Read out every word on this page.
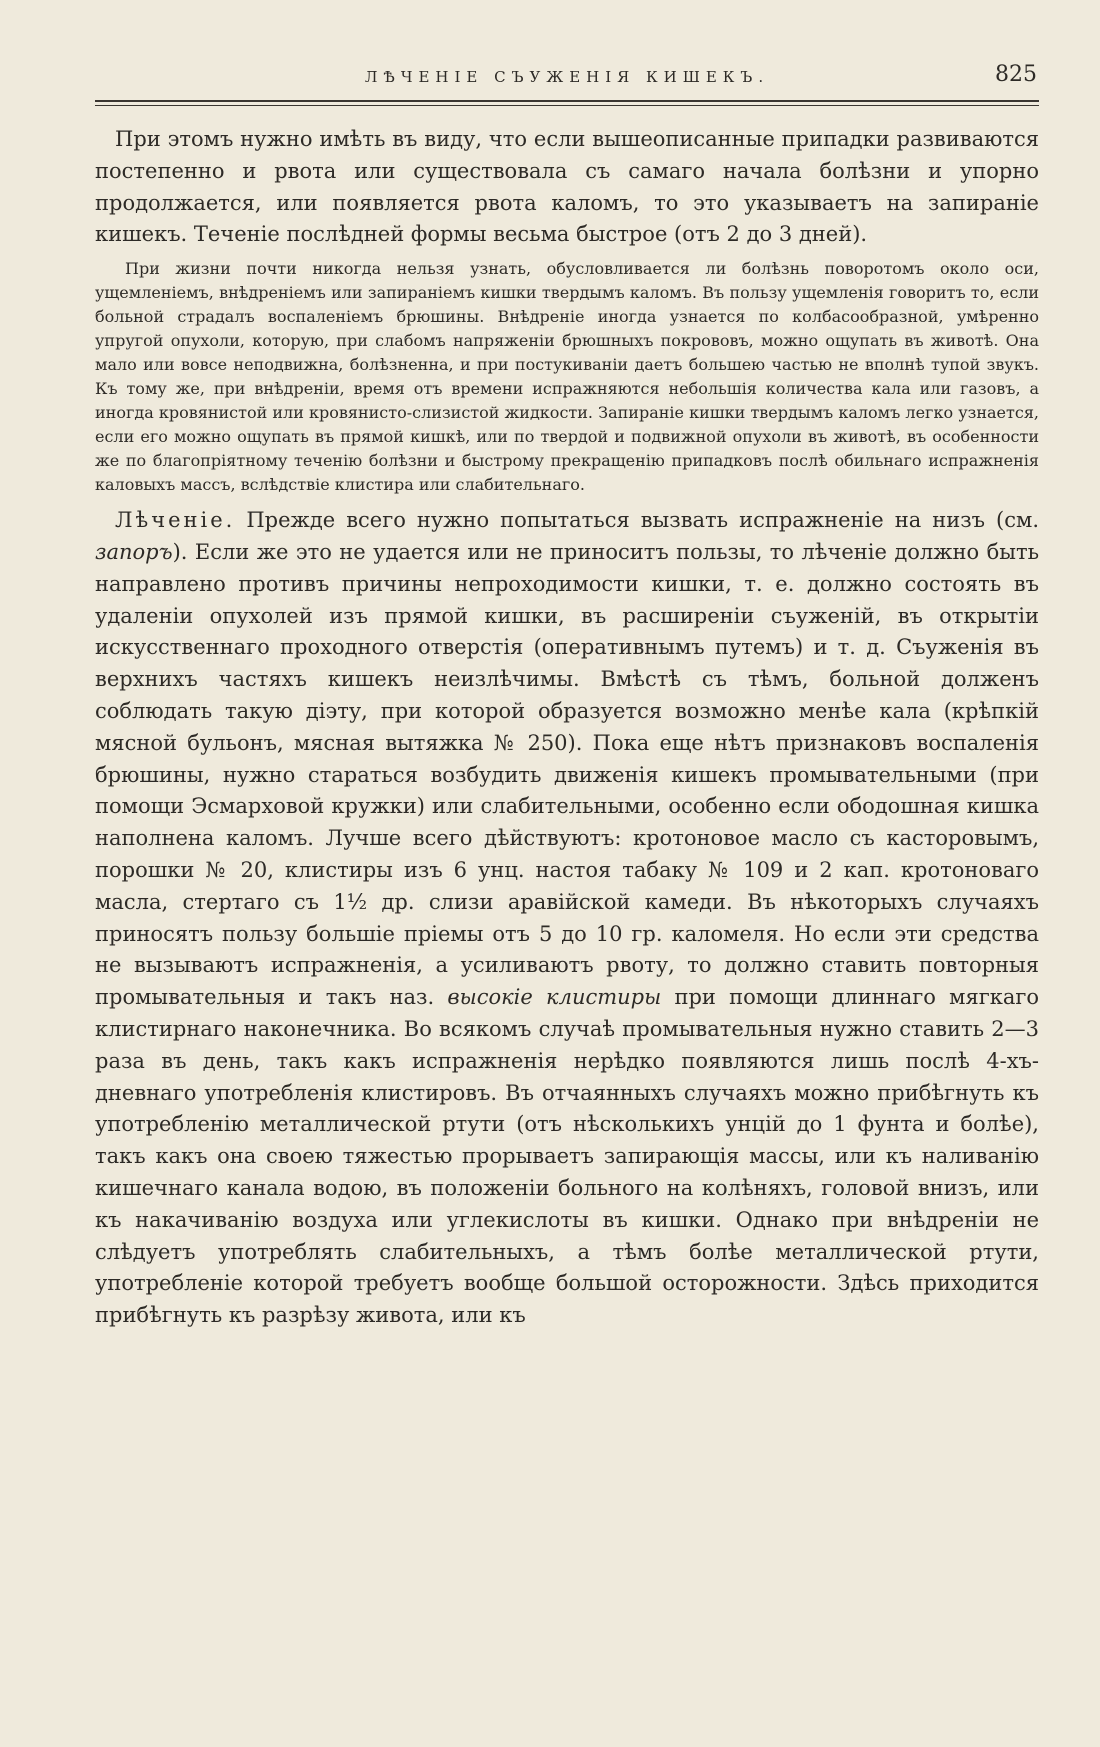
ЛѢЧЕНІЕ СЪУЖЕНІЯ КИШЕКЪ.	825

При этомъ нужно имѣть въ виду, что если вышеописанные припадки развиваются постепенно и рвота или существовала съ самаго начала болѣзни и упорно продолжается, или появляется рвота каломъ, то это указываетъ на запираніе кишекъ. Теченіе послѣдней формы весьма быстрое (отъ 2 до 3 дней).

При жизни почти никогда нельзя узнать, обусловливается ли болѣзнь поворотомъ около оси, ущемленіемъ, внѣдреніемъ или запираніемъ кишки твердымъ каломъ. Въ пользу ущемленія говоритъ то, если больной страдалъ воспаленіемъ брюшины. Внѣдреніе иногда узнается по колбасообразной, умѣренно упругой опухоли, которую, при слабомъ напряженіи брюшныхъ покрововъ, можно ощупать въ животѣ. Она мало или вовсе неподвижна, болѣзненна, и при постукиваніи даетъ большею частью не вполнѣ тупой звукъ. Къ тому же, при внѣдреніи, время отъ времени испражняются небольшія количества кала или газовъ, а иногда кровянистой или кровянисто-слизистой жидкости. Запираніе кишки твердымъ каломъ легко узнается, если его можно ощупать въ прямой кишкѣ, или по твердой и подвижной опухоли въ животѣ, въ особенности же по благопріятному теченію болѣзни и быстрому прекращенію припадковъ послѣ обильнаго испражненія каловыхъ массъ, вслѣдствіе клистира или слабительнаго.

Лѣченіе. Прежде всего нужно попытаться вызвать испражненіе на низъ (см. запоръ). Если же это не удается или не приноситъ пользы, то лѣченіе должно быть направлено противъ причины непроходимости кишки, т. е. должно состоять въ удаленіи опухолей изъ прямой кишки, въ расширеніи съуженій, въ открытіи искусственнаго проходного отверстія (оперативнымъ путемъ) и т. д. Съуженія въ верхнихъ частяхъ кишекъ неизлѣчимы. Вмѣстѣ съ тѣмъ, больной долженъ соблюдать такую діэту, при которой образуется возможно менѣе кала (крѣпкій мясной бульонъ, мясная вытяжка № 250). Пока еще нѣтъ признаковъ воспаленія брюшины, нужно стараться возбудить движенія кишекъ промывательными (при помощи Эсмарховой кружки) или слабительными, особенно если ободошная кишка наполнена каломъ. Лучше всего дѣйствуютъ: кротоновое масло съ касторовымъ, порошки № 20, клистиры изъ 6 унц. настоя табаку № 109 и 2 кап. кротоноваго масла, стертаго съ 1½ др. слизи аравійской камеди. Въ нѣкоторыхъ случаяхъ приносятъ пользу большіе пріемы отъ 5 до 10 гр. каломеля. Но если эти средства не вызываютъ испражненія, а усиливаютъ рвоту, то должно ставить повторныя промывательныя и такъ наз. высокіе клистиры при помощи длиннаго мягкаго клистирнаго наконечника. Во всякомъ случаѣ промывательныя нужно ставить 2—3 раза въ день, такъ какъ испражненія нерѣдко появляются лишь послѣ 4-хъ-дневнаго употребленія клистировъ. Въ отчаянныхъ случаяхъ можно прибѣгнуть къ употребленію металлической ртути (отъ нѣсколькихъ унцій до 1 фунта и болѣе), такъ какъ она своею тяжестью прорываетъ запирающія массы, или къ наливанію кишечнаго канала водою, въ положеніи больного на колѣняхъ, головой внизъ, или къ накачиванію воздуха или углекислоты въ кишки. Однако при внѣдреніи не слѣдуетъ употреблять слабительныхъ, а тѣмъ болѣе металлической ртути, употребленіе которой требуетъ вообще большой осторожности. Здѣсь приходится прибѣгнуть къ разрѣзу живота, или къ
